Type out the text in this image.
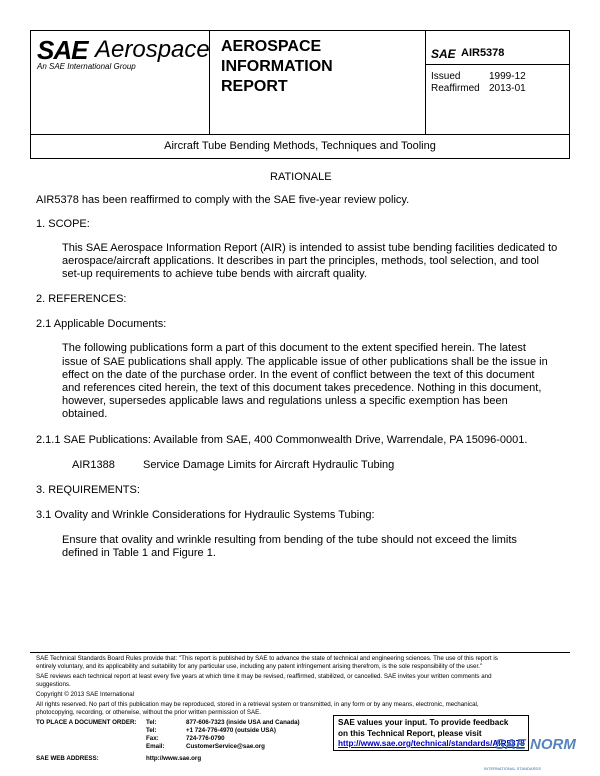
SAE Aerospace
An SAE International Group
AEROSPACE
INFORMATION
REPORT
SAE AIR5378
Issued	1999-12
Reaffirmed 2013-01
Aircraft Tube Bending Methods, Techniques and Tooling
RATIONALE
AIR5378 has been reaffirmed to comply with the SAE five-year review policy.
1. SCOPE:
This SAE Aerospace Information Report (AIR) is intended to assist tube bending facilities dedicated to
aerospace/aircraft applications. It describes in part the principles, methods, tool selection, and tool
set-up requirements to achieve tube bends with aircraft quality.
2. REFERENCES:
2.1 Applicable Documents:
The following publications form a part of this document to the extent specified herein. The latest
issue of SAE publications shall apply. The applicable issue of other publications shall be the issue in
effect on the date of the purchase order. In the event of conflict between the text of this document
and references cited herein, the text of this document takes precedence. Nothing in this document,
however, supersedes applicable laws and regulations unless a specific exemption has been
obtained.
2.1.1 SAE Publications: Available from SAE, 400 Commonwealth Drive, Warrendale, PA 15096-0001.
AIR1388	Service Damage Limits for Aircraft Hydraulic Tubing
3. REQUIREMENTS:
3.1 Ovality and Wrinkle Considerations for Hydraulic Systems Tubing:
Ensure that ovality and wrinkle resulting from bending of the tube should not exceed the limits
defined in Table 1 and Figure 1.
SAE Technical Standards Board Rules provide that: "This report is published by SAE to advance the state of technical and engineering sciences. The use of this report is
entirely voluntary, and its applicability and suitability for any particular use, including any patent infringement arising therefrom, is the sole responsibility of the user."
SAE reviews each technical report at least every five years at which time it may be revised, reaffirmed, stabilized, or cancelled. SAE invites your written comments and
suggestions.
Copyright © 2013 SAE International
All rights reserved. No part of this publication may be reproduced, stored in a retrieval system or transmitted, in any form or by any means, electronic, mechanical,
photocopying, recording, or otherwise, without the prior written permission of SAE.
TO PLACE A DOCUMENT ORDER: Tel:	877-606-7323 (inside USA and Canada)
Tel:	+1 724-776-4970 (outside USA)
Fax:	724-776-0790
Email:	CustomerService@sae.org
SAE WEB ADDRESS:	http://www.sae.org
SAE values your input. To provide feedback
on this Technical Report, please visit
http://www.sae.org/technical/standards/AIR5378
SAE NORM
INTERNATIONAL STANDARDS
